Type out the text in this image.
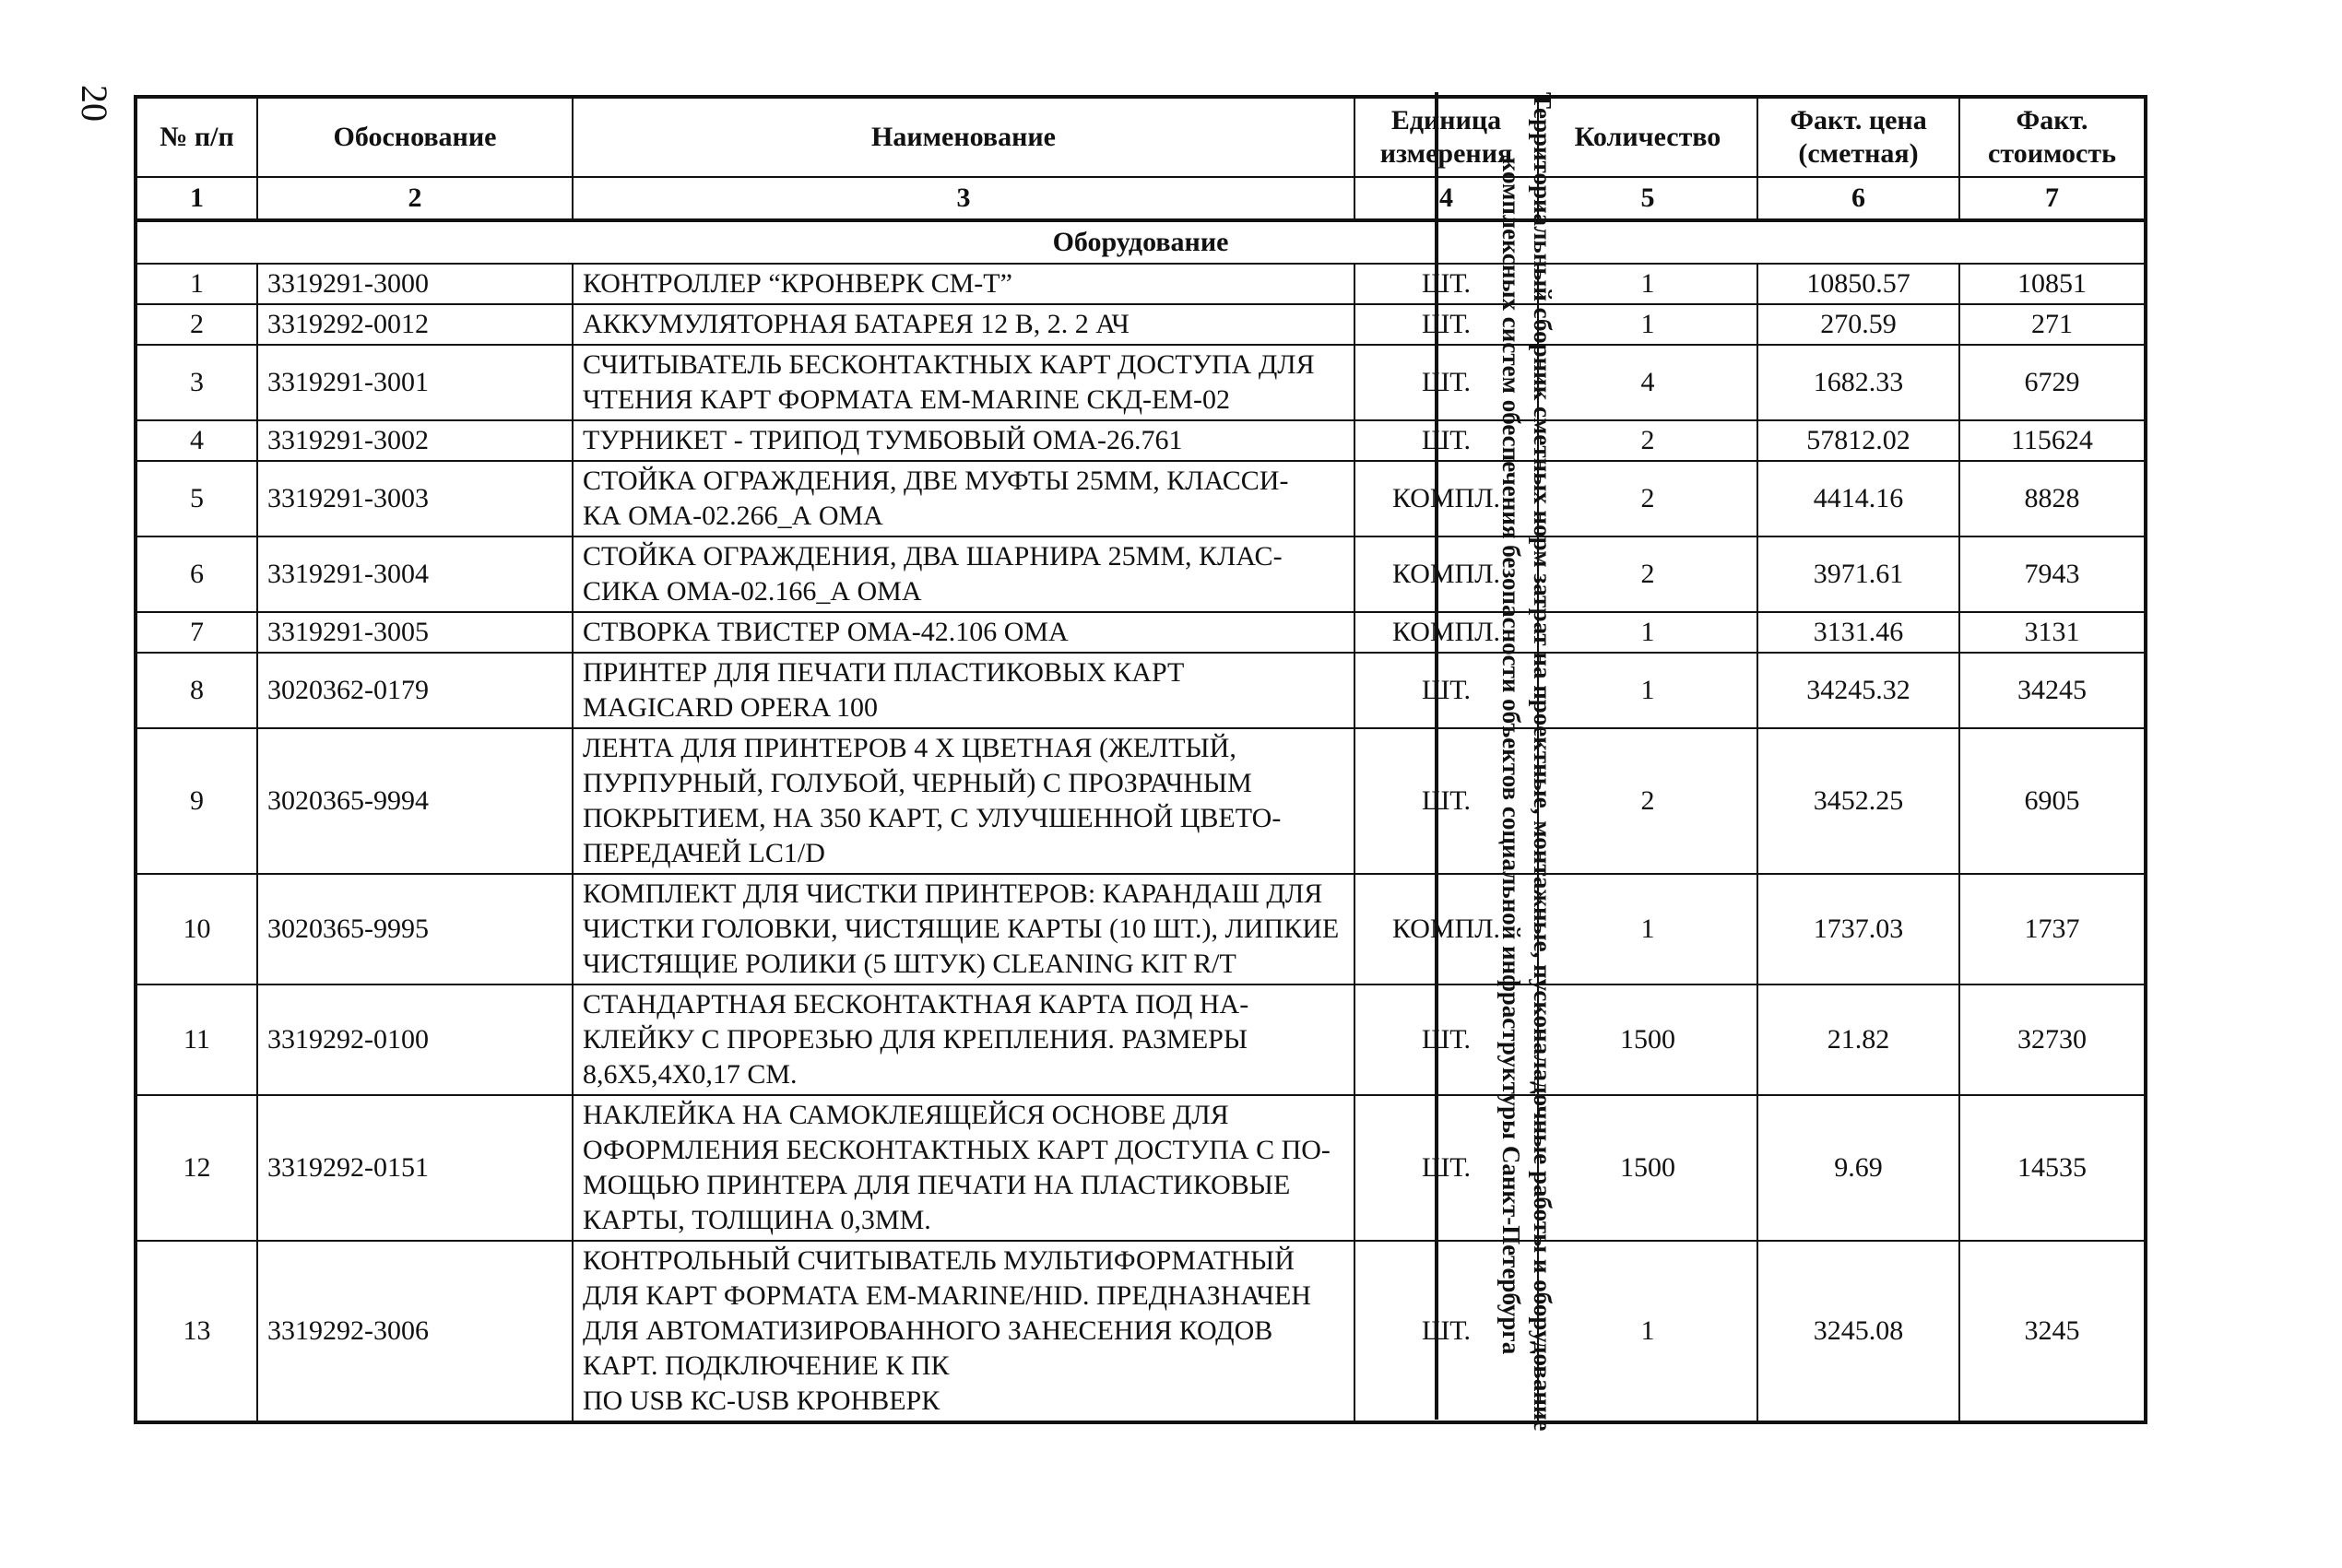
20	Территориальный сборник сметных норм затрат на проектные, монтажные, пусконаладочные работы и оборудование
комплексных систем обеспечения безопасности объектов социальной инфраструктуры Санкт-Петербурга
№ п/п	Обоснование	Наименование	Единица измерения	Количество	Факт. цена (сметная)	Факт. стоимость
1	2	3	4	5	6	7
Оборудование						
1	3319291-3000	КОНТРОЛЛЕР “КРОНВЕРК СМ-Т”	ШТ.	1	10850.57	10851
2	3319292-0012	АККУМУЛЯТОРНАЯ БАТАРЕЯ 12 В, 2. 2 АЧ	ШТ.	1	270.59	271
3	3319291-3001	СЧИТЫВАТЕЛЬ БЕСКОНТАКТНЫХ КАРТ ДОСТУПА ДЛЯ
ЧТЕНИЯ КАРТ ФОРМАТА EM-MARINE СКД-ЕМ-02	ШТ.	4	1682.33	6729
4	3319291-3002	ТУРНИКЕТ - ТРИПОД ТУМБОВЫЙ ОМА-26.761	ШТ.	2	57812.02	115624
5	3319291-3003	СТОЙКА ОГРАЖДЕНИЯ, ДВЕ МУФТЫ 25ММ, КЛАССИ-
КА ОМА-02.266_А ОМА	КОМПЛ.	2	4414.16	8828
6	3319291-3004	СТОЙКА ОГРАЖДЕНИЯ, ДВА ШАРНИРА 25ММ, КЛАС-
СИКА ОМА-02.166_А ОМА	КОМПЛ.	2	3971.61	7943
7	3319291-3005	СТВОРКА ТВИСТЕР ОМА-42.106 ОМА	КОМПЛ.	1	3131.46	3131
8	3020362-0179	ПРИНТЕР ДЛЯ ПЕЧАТИ ПЛАСТИКОВЫХ КАРТ
MAGICARD OPERA 100	ШТ.	1	34245.32	34245
9	3020365-9994	ЛЕНТА ДЛЯ ПРИНТЕРОВ 4 Х ЦВЕТНАЯ (ЖЕЛТЫЙ,
ПУРПУРНЫЙ, ГОЛУБОЙ, ЧЕРНЫЙ) С ПРОЗРАЧНЫМ
ПОКРЫТИЕМ, НА 350 КАРТ, С УЛУЧШЕННОЙ ЦВЕТО-
ПЕРЕДАЧЕЙ LC1/D	ШТ.	2	3452.25	6905
10	3020365-9995	КОМПЛЕКТ ДЛЯ ЧИСТКИ ПРИНТЕРОВ: КАРАНДАШ ДЛЯ
ЧИСТКИ ГОЛОВКИ, ЧИСТЯЩИЕ КАРТЫ (10 ШТ.), ЛИПКИЕ
ЧИСТЯЩИЕ РОЛИКИ (5 ШТУК) CLEANING KIT R/T	КОМПЛ.	1	1737.03	1737
11	3319292-0100	СТАНДАРТНАЯ БЕСКОНТАКТНАЯ КАРТА ПОД НА-
КЛЕЙКУ С ПРОРЕЗЬЮ ДЛЯ КРЕПЛЕНИЯ. РАЗМЕРЫ
8,6Х5,4Х0,17 СМ.	ШТ.	1500	21.82	32730
12	3319292-0151	НАКЛЕЙКА НА САМОКЛЕЯЩЕЙСЯ ОСНОВЕ ДЛЯ
ОФОРМЛЕНИЯ БЕСКОНТАКТНЫХ КАРТ ДОСТУПА С ПО-
МОЩЬЮ ПРИНТЕРА ДЛЯ ПЕЧАТИ НА ПЛАСТИКОВЫЕ
КАРТЫ, ТОЛЩИНА 0,3ММ.	ШТ.	1500	9.69	14535
13	3319292-3006	КОНТРОЛЬНЫЙ СЧИТЫВАТЕЛЬ МУЛЬТИФОРМАТНЫЙ
ДЛЯ КАРТ ФОРМАТА EM-MARINE/HID. ПРЕДНАЗНАЧЕН
ДЛЯ АВТОМАТИЗИРОВАННОГО ЗАНЕСЕНИЯ КОДОВ
КАРТ. ПОДКЛЮЧЕНИЕ К ПК
ПО USB КС-USB КРОНВЕРК	ШТ.	1	3245.08	3245
